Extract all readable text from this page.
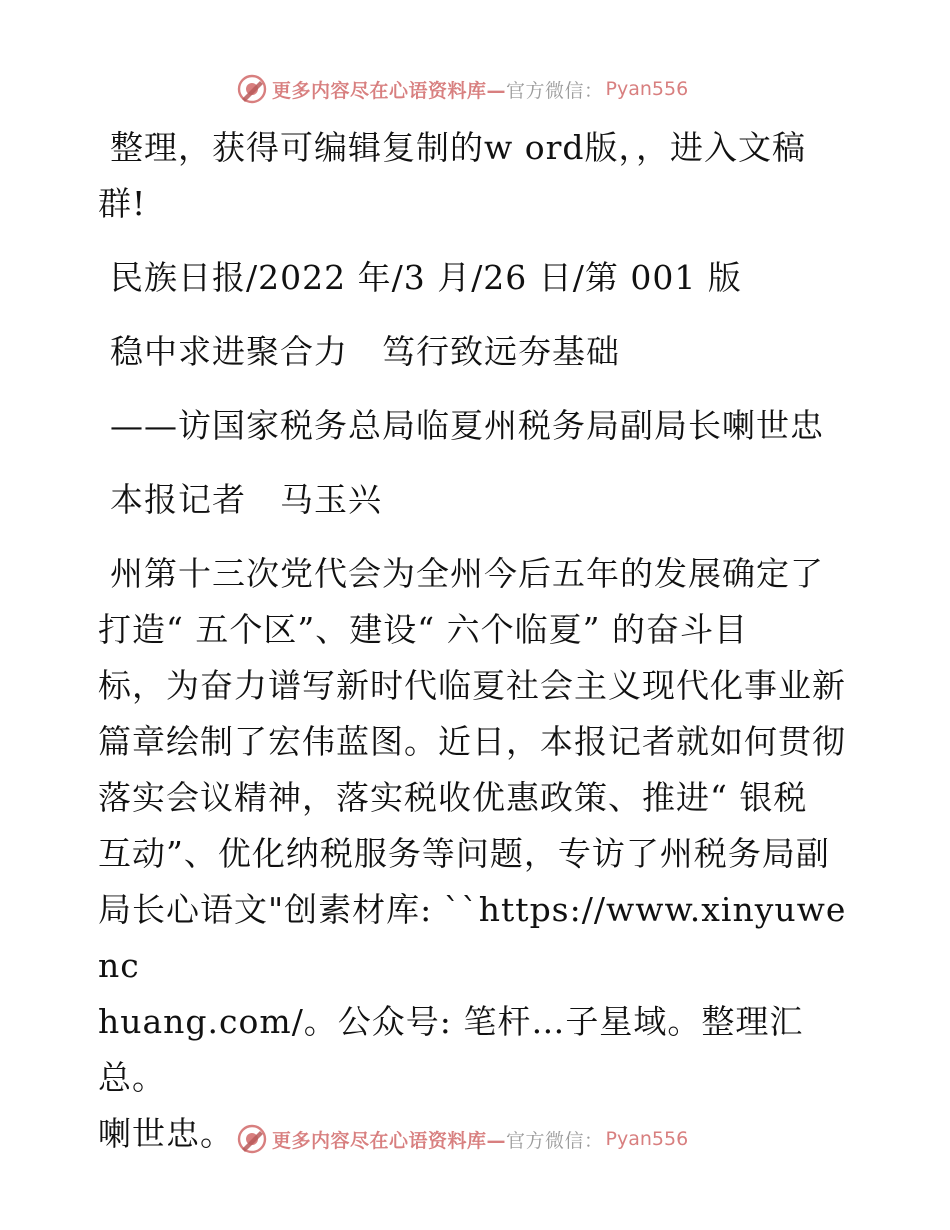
更多内容尽在心语资料库— 官方微信： Pyan556

整理，获得可编辑复制的w ord版，，进入文稿

群!

民族日报/2022 年/3 月/26 日/第 001 版

稳中求进聚合力　笃行致远夯基础

——访国家税务总局临夏州税务局副局长喇世忠

本报记者　马玉兴

州第十三次党代会为全州今后五年的发展确定了

打造“ 五个区”、建设“ 六个临夏” 的奋斗目

标，为奋力谱写新时代临夏社会主义现代化事业新

篇章绘制了宏伟蓝图。近日，本报记者就如何贯彻

落实会议精神，落实税收优惠政策、推进“ 银税

互动”、优化纳税服务等问题，专访了州税务局副

局长心语文"创素材库: ``https://www.xinyuwenc

huang.com/。公众号: 笔杆…子星域。整理汇总。

喇世忠。	更多内容尽在心语资料库— 官方微信： Pyan556
